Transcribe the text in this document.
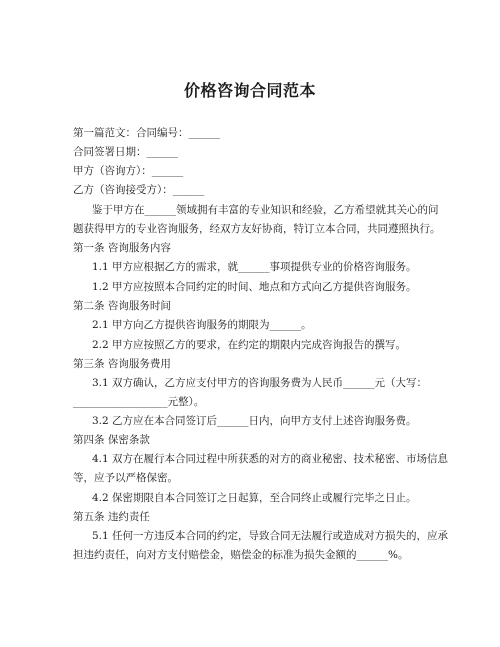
价格咨询合同范本
第一篇范文：合同编号：______
合同签署日期：______
甲方（咨询方）：______
乙方（咨询接受方）：______
鉴于甲方在______领域拥有丰富的专业知识和经验，乙方希望就其关心的问
题获得甲方的专业咨询服务，经双方友好协商，特订立本合同，共同遵照执行。
第一条 咨询服务内容
1.1 甲方应根据乙方的需求，就______事项提供专业的价格咨询服务。
1.2 甲方应按照本合同约定的时间、地点和方式向乙方提供咨询服务。
第二条 咨询服务时间
2.1 甲方向乙方提供咨询服务的期限为______。
2.2 甲方应按照乙方的要求，在约定的期限内完成咨询报告的撰写。
第三条 咨询服务费用
3.1 双方确认，乙方应支付甲方的咨询服务费为人民币______元（大写：
__________________元整）。
3.2 乙方应在本合同签订后______日内，向甲方支付上述咨询服务费。
第四条 保密条款
4.1 双方在履行本合同过程中所获悉的对方的商业秘密、技术秘密、市场信息
等，应予以严格保密。
4.2 保密期限自本合同签订之日起算，至合同终止或履行完毕之日止。
第五条 违约责任
5.1 任何一方违反本合同的约定，导致合同无法履行或造成对方损失的，应承
担违约责任，向对方支付赔偿金，赔偿金的标准为损失金额的______%。
